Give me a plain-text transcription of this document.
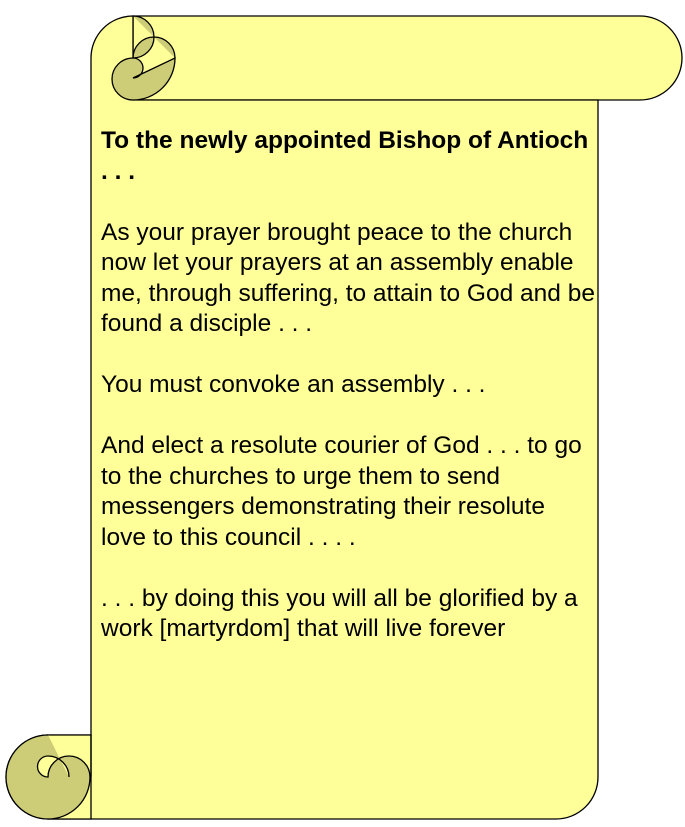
To the newly appointed Bishop of Antioch . . .

As your prayer brought peace to the church now let your prayers at an assembly enable me, through suffering, to attain to God and be found a disciple . . .

You must convoke an assembly . . .

And elect a resolute courier of God . . . to go to the churches to urge them to send messengers demonstrating their resolute love to this council . . . .

. . . by doing this you will all be glorified by a work [martyrdom] that will live forever
